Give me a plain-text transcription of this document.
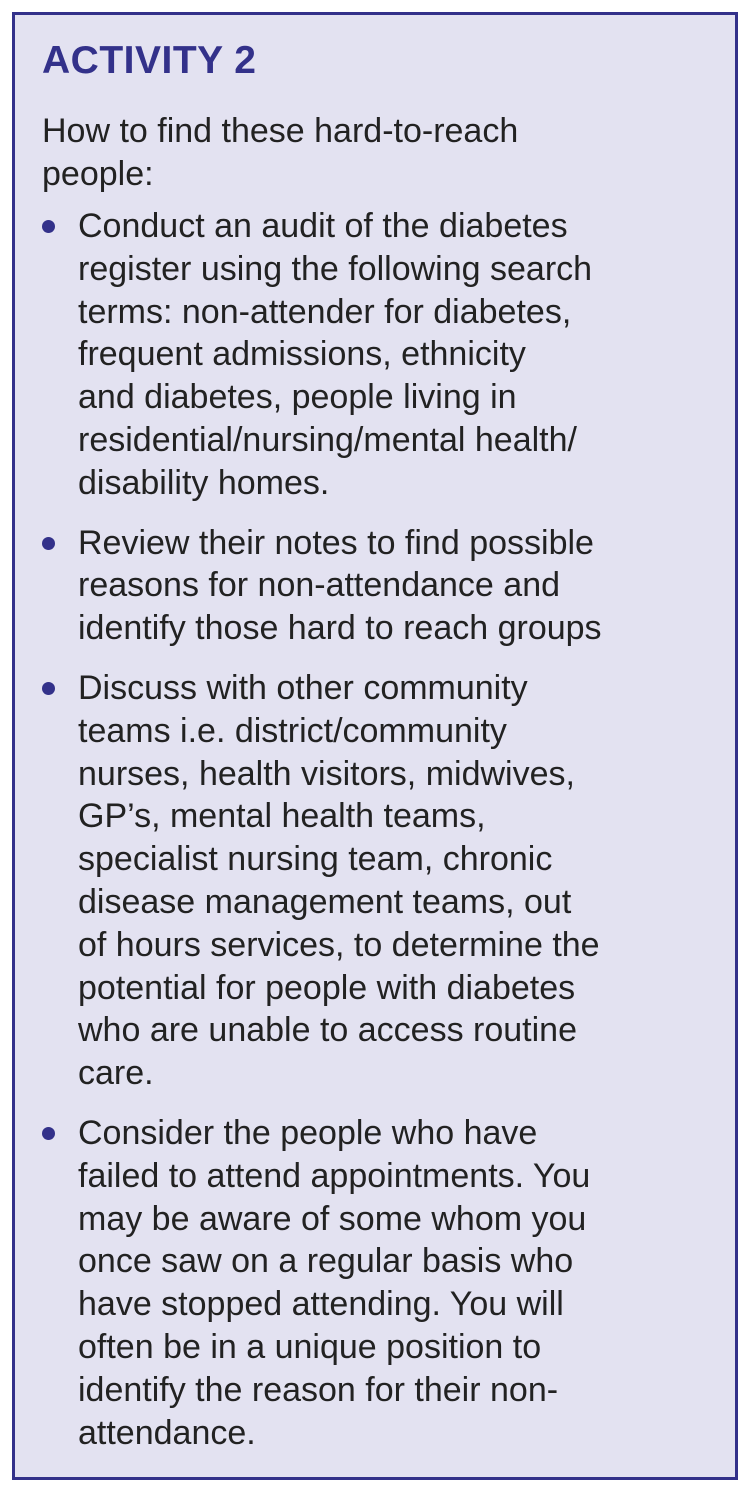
ACTIVITY 2

How to find these hard-to-reach
people:

Conduct an audit of the diabetes
register using the following search
terms: non-attender for diabetes,
frequent admissions, ethnicity
and diabetes, people living in
residential/nursing/mental health/
disability homes.
Review their notes to find possible
reasons for non-attendance and
identify those hard to reach groups
Discuss with other community
teams i.e. district/community
nurses, health visitors, midwives,
GP’s, mental health teams,
specialist nursing team, chronic
disease management teams, out
of hours services, to determine the
potential for people with diabetes
who are unable to access routine
care.
Consider the people who have
failed to attend appointments. You
may be aware of some whom you
once saw on a regular basis who
have stopped attending. You will
often be in a unique position to
identify the reason for their non-
attendance.
